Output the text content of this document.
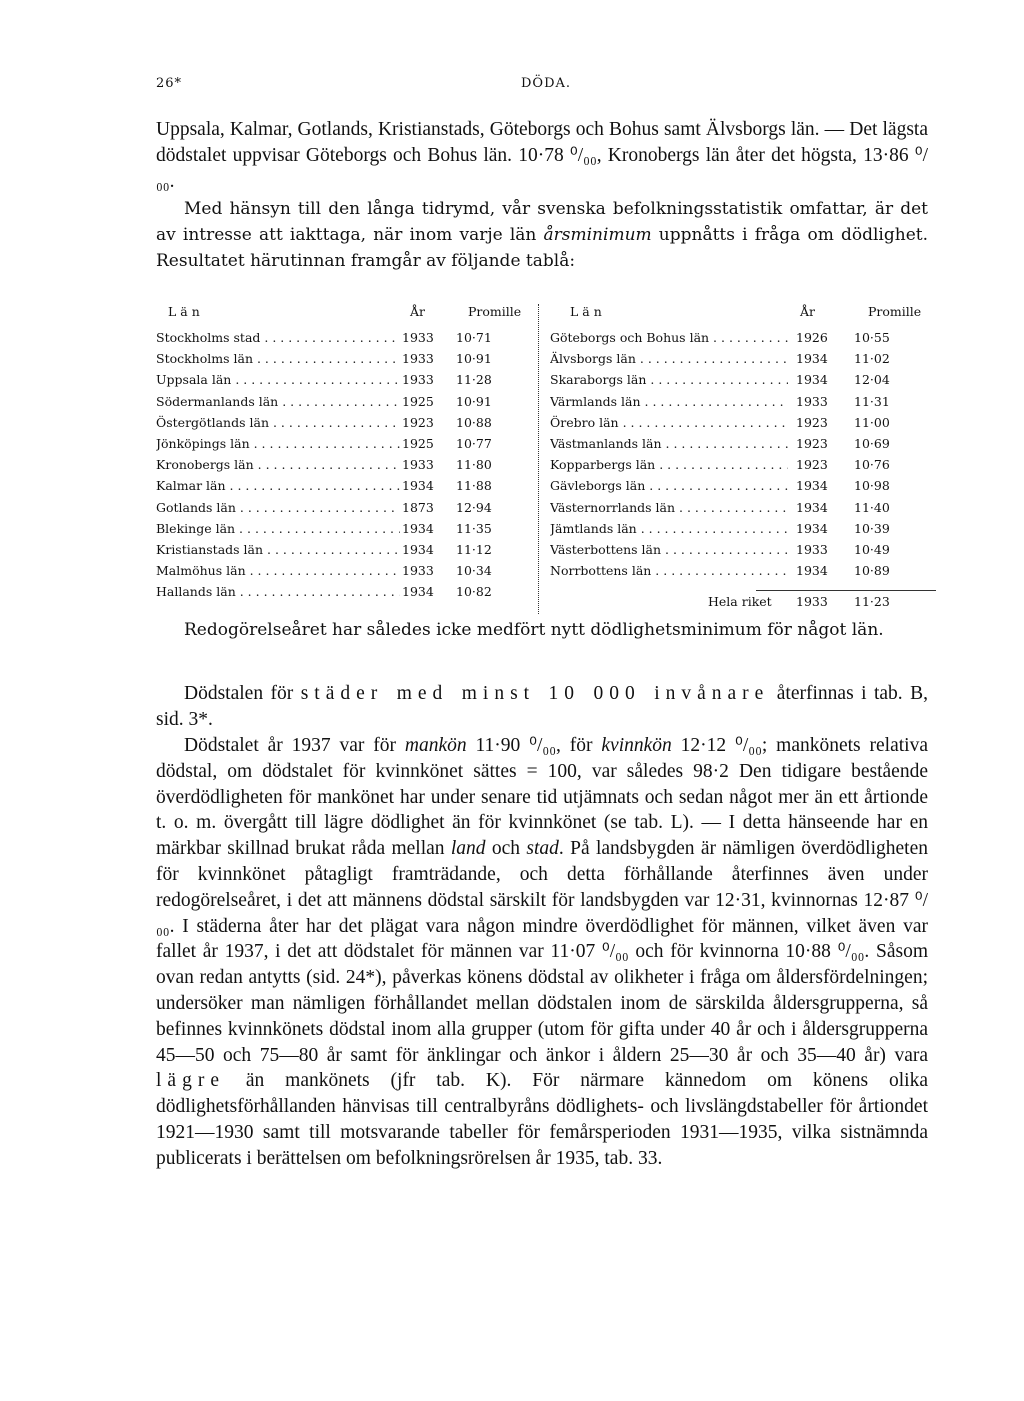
26*	DÖDA.

Uppsala, Kalmar, Gotlands, Kristianstads, Göteborgs och Bohus samt Älvsborgs län. — Det lägsta dödstalet uppvisar Göteborgs och Bohus län. 10·78 ⁰/₀₀, Kronobergs län åter det högsta, 13·86 ⁰/₀₀.

Med hänsyn till den långa tidrymd, vår svenska befolkningsstatistik omfattar, är det av intresse att iakttaga, när inom varje län årsminimum uppnåtts i fråga om dödlighet. Resultatet härutinnan framgår av följande tablå:

L ä n	År	Promille
Stockholms stad . . .	1933 10·71
Stockholms län . . .	1933 10·91
Uppsala län . . .	1933 11·28
Södermanlands län . . .	1925 10·91
Östergötlands län . . .	1923 10·88
Jönköpings län . . .	1925 10·77
Kronobergs län . . .	1933 11·80
Kalmar län . . .	1934 11·88
Gotlands län . . .	1873 12·94
Blekinge län . . .	1934 11·35
Kristianstads län . . .	1934 11·12
Malmöhus län . . .	1933 10·34
Hallands län . . .	1934 10·82
L ä n	År	Promille
Göteborgs och Bohus län . . .	1926 10·55
Älvsborgs län . . .	1934 11·02
Skaraborgs län . . .	1934 12·04
Värmlands län . . .	1933 11·31
Örebro län . . .	1923 11·00
Västmanlands län . . .	1923 10·69
Kopparbergs län . . .	1923 10·76
Gävleborgs län . . .	1934 10·98
Västernorrlands län . . .	1934 11·40
Jämtlands län . . .	1934 10·39
Västerbottens län . . .	1933 10·49
Norrbottens län . . .	1934 10·89
Hela riket 1933 11·23

Redogörelseåret har således icke medfört nytt dödlighetsminimum för något län.

Dödstalen för städer med minst 10 000 invånare återfinnas i tab. B, sid. 3*.

Dödstalet år 1937 var för mankön 11·90 ⁰/₀₀, för kvinnkön 12·12 ⁰/₀₀; mankönets relativa dödstal, om dödstalet för kvinnkönet sättes = 100, var således 98·2 Den tidigare bestående överdödligheten för mankönet har under senare tid utjämnats och sedan något mer än ett årtionde t. o. m. övergått till lägre dödlighet än för kvinnkönet (se tab. L). — I detta hänseende har en märkbar skillnad brukat råda mellan land och stad. På landsbygden är nämligen överdödligheten för kvinnkönet påtagligt framträdande, och detta förhållande återfinnes även under redogörelseåret, i det att männens dödstal särskilt för landsbygden var 12·31, kvinnornas 12·87 ⁰/₀₀. I städerna åter har det plägat vara någon mindre överdödlighet för männen, vilket även var fallet år 1937, i det att dödstalet för männen var 11·07 ⁰/₀₀ och för kvinnorna 10·88 ⁰/₀₀. Såsom ovan redan antytts (sid. 24*), påverkas könens dödstal av olikheter i fråga om åldersfördelningen; undersöker man nämligen förhållandet mellan dödstalen inom de särskilda åldersgrupperna, så befinnes kvinnkönets dödstal inom alla grupper (utom för gifta under 40 år och i åldersgrupperna 45—50 och 75—80 år samt för änklingar och änkor i åldern 25—30 år och 35—40 år) vara lägre än mankönets (jfr tab. K). För närmare kännedom om könens olika dödlighetsförhållanden hänvisas till centralbyråns dödlighets- och livslängdstabeller för årtiondet 1921—1930 samt till motsvarande tabeller för femårsperioden 1931—1935, vilka sistnämnda publicerats i berättelsen om befolkningsrörelsen år 1935, tab. 33.
